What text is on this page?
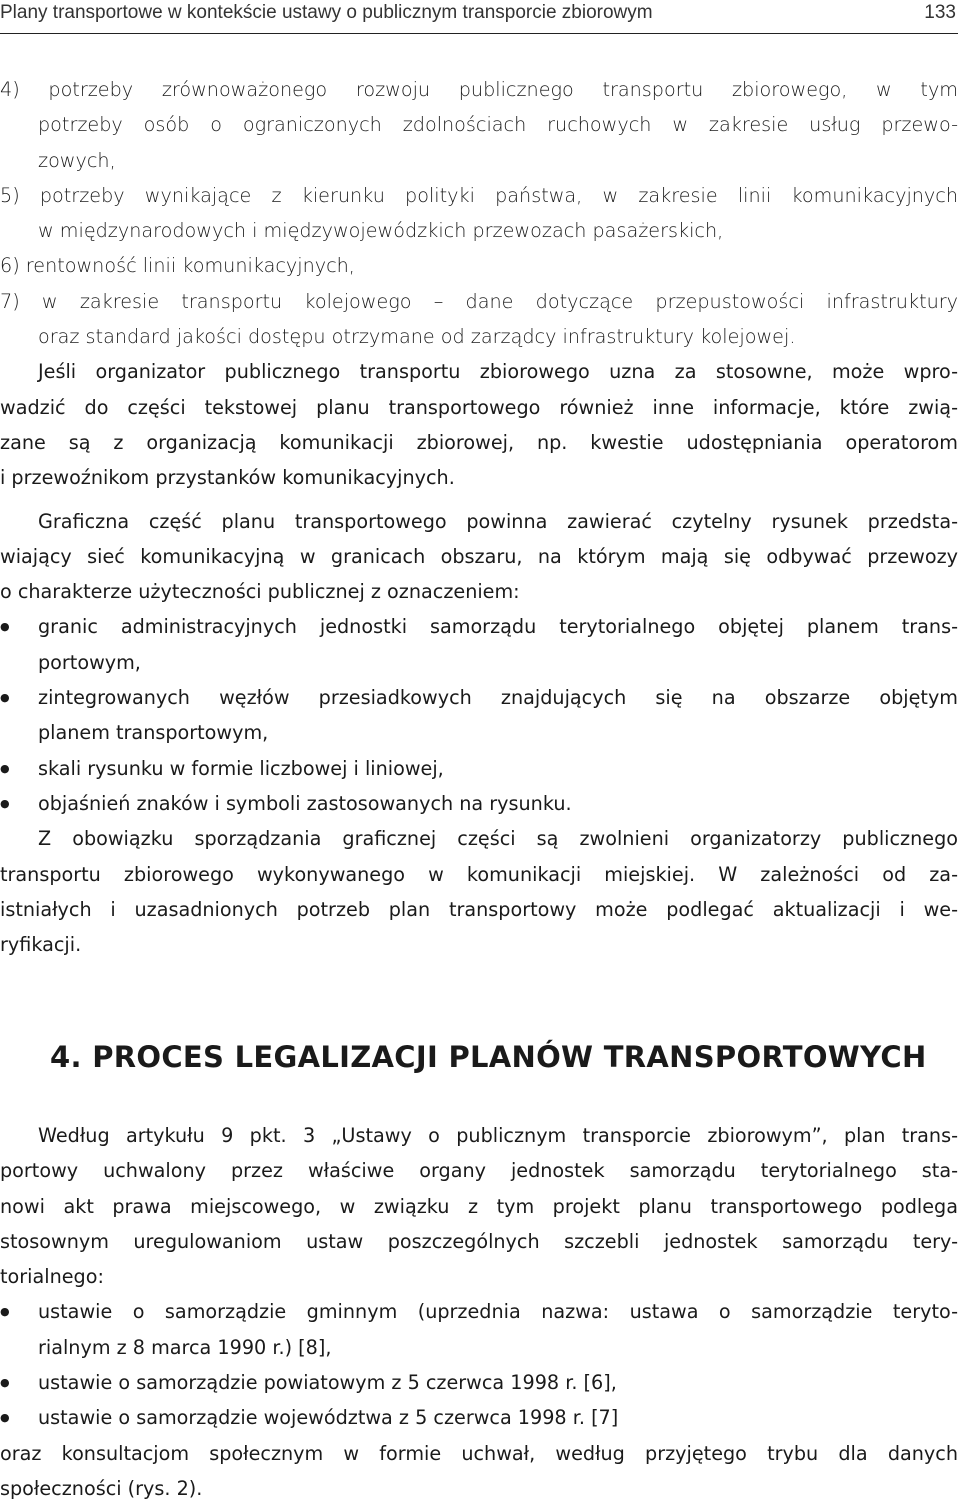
Plany transportowe w kontekście ustawy o publicznym transporcie zbiorowym	133

4) potrzeby zrównoważonego rozwoju publicznego transportu zbiorowego, w tym

potrzeby osób o ograniczonych zdolnościach ruchowych w zakresie usług przewo-

zowych,

5) potrzeby wynikające z kierunku polityki państwa, w zakresie linii komunikacyjnych

w międzynarodowych i międzywojewódzkich przewozach pasażerskich,

6) rentowność linii komunikacyjnych,

7) w zakresie transportu kolejowego – dane dotyczące przepustowości infrastruktury

oraz standard jakości dostępu otrzymane od zarządcy infrastruktury kolejowej.

Jeśli organizator publicznego transportu zbiorowego uzna za stosowne, może wpro-

wadzić do części tekstowej planu transportowego również inne informacje, które zwią-

zane są z organizacją komunikacji zbiorowej, np. kwestie udostępniania operatorom

i przewoźnikom przystanków komunikacyjnych.

Graficzna część planu transportowego powinna zawierać czytelny rysunek przedsta-

wiający sieć komunikacyjną w granicach obszaru, na którym mają się odbywać przewozy

o charakterze użyteczności publicznej z oznaczeniem:

● granic administracyjnych jednostki samorządu terytorialnego objętej planem trans-

portowym,

● zintegrowanych węzłów przesiadkowych znajdujących się na obszarze objętym

planem transportowym,

● skali rysunku w formie liczbowej i liniowej,

● objaśnień znaków i symboli zastosowanych na rysunku.

Z obowiązku sporządzania graficznej części są zwolnieni organizatorzy publicznego

transportu zbiorowego wykonywanego w komunikacji miejskiej. W zależności od za-

istniałych i uzasadnionych potrzeb plan transportowy może podlegać aktualizacji i we-

ryfikacji.

4. PROCES LEGALIZACJI PLANÓW TRANSPORTOWYCH

Według artykułu 9 pkt. 3 „Ustawy o publicznym transporcie zbiorowym”, plan trans-

portowy uchwalony przez właściwe organy jednostek samorządu terytorialnego sta-

nowi akt prawa miejscowego, w związku z tym projekt planu transportowego podlega

stosownym uregulowaniom ustaw poszczególnych szczebli jednostek samorządu tery-

torialnego:

● ustawie o samorządzie gminnym (uprzednia nazwa: ustawa o samorządzie teryto-

rialnym z 8 marca 1990 r.) [8],

● ustawie o samorządzie powiatowym z 5 czerwca 1998 r. [6],

● ustawie o samorządzie województwa z 5 czerwca 1998 r. [7]

oraz konsultacjom społecznym w formie uchwał, według przyjętego trybu dla danych

społeczności (rys. 2).
